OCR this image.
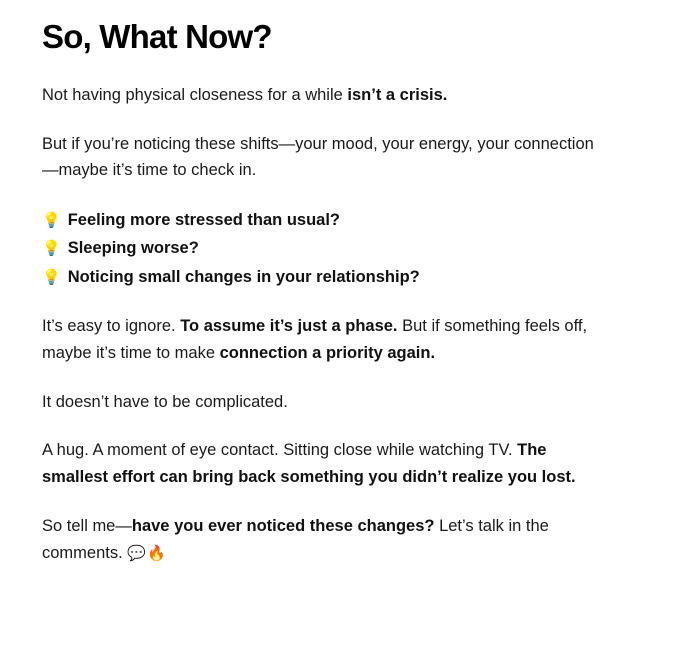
So, What Now?

Not having physical closeness for a while isn’t a crisis.

But if you’re noticing these shifts—your mood, your energy, your connection—maybe it’s time to check in.

💡 Feeling more stressed than usual?
💡 Sleeping worse?
💡 Noticing small changes in your relationship?

It’s easy to ignore. To assume it’s just a phase. But if something feels off, maybe it’s time to make connection a priority again.

It doesn’t have to be complicated.

A hug. A moment of eye contact. Sitting close while watching TV. The smallest effort can bring back something you didn’t realize you lost.

So tell me—have you ever noticed these changes? Let’s talk in the comments. 💬🔥
